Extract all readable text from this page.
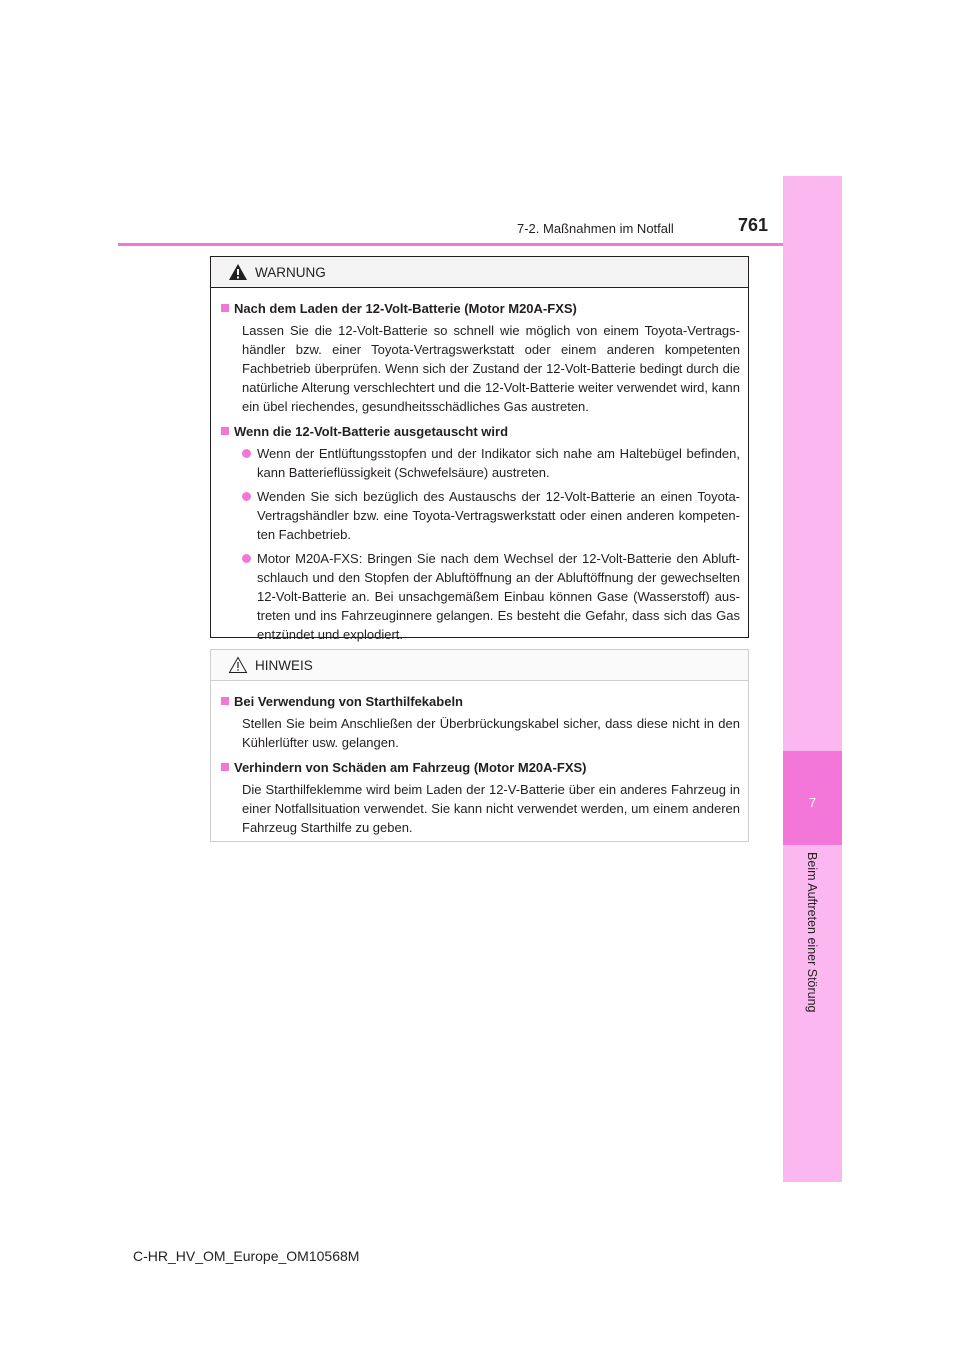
7
Beim Auftreten einer Störung
7-2. Maßnahmen im Notfall	761
WARNUNG
Nach dem Laden der 12-Volt-Batterie (Motor M20A-FXS)
Lassen Sie die 12-Volt-Batterie so schnell wie möglich von einem Toyota-Vertrags-händler bzw. einer Toyota-Vertragswerkstatt oder einem anderen kompetenten Fachbetrieb überprüfen. Wenn sich der Zustand der 12-Volt-Batterie bedingt durch die natürliche Alterung verschlechtert und die 12-Volt-Batterie weiter verwendet wird, kann ein übel riechendes, gesundheitsschädliches Gas austreten.
Wenn die 12-Volt-Batterie ausgetauscht wird
Wenn der Entlüftungsstopfen und der Indikator sich nahe am Haltebügel befinden, kann Batterieflüssigkeit (Schwefelsäure) austreten.
Wenden Sie sich bezüglich des Austauschs der 12-Volt-Batterie an einen Toyota-Vertragshändler bzw. eine Toyota-Vertragswerkstatt oder einen anderen kompeten-ten Fachbetrieb.
Motor M20A-FXS: Bringen Sie nach dem Wechsel der 12-Volt-Batterie den Abluft-schlauch und den Stopfen der Abluftöffnung an der Abluftöffnung der gewechselten 12-Volt-Batterie an. Bei unsachgemäßem Einbau können Gase (Wasserstoff) aus-treten und ins Fahrzeuginnere gelangen. Es besteht die Gefahr, dass sich das Gas entzündet und explodiert.
HINWEIS
Bei Verwendung von Starthilfekabeln
Stellen Sie beim Anschließen der Überbrückungskabel sicher, dass diese nicht in den Kühlerlüfter usw. gelangen.
Verhindern von Schäden am Fahrzeug (Motor M20A-FXS)
Die Starthilfeklemme wird beim Laden der 12-V-Batterie über ein anderes Fahrzeug in einer Notfallsituation verwendet. Sie kann nicht verwendet werden, um einem anderen Fahrzeug Starthilfe zu geben.
C-HR_HV_OM_Europe_OM10568M
